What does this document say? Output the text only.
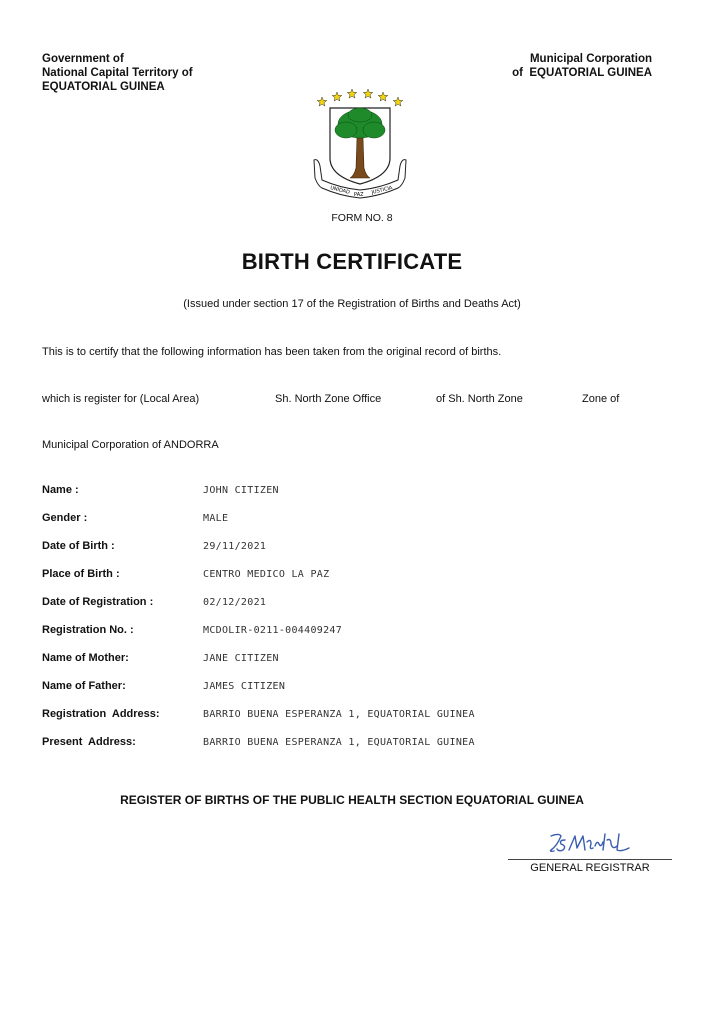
Government of
National Capital Territory of
EQUATORIAL GUINEA
Municipal Corporation
of  EQUATORIAL GUINEA
UNIDAD PAZ JUSTICIA
FORM NO. 8
BIRTH CERTIFICATE
(Issued under section 17 of the Registration of Births and Deaths Act)
This is to certify that the following information has been taken from the original record of births.
which is register for (Local Area)	Sh. North Zone Office	of Sh. North Zone	Zone of
Municipal Corporation of ANDORRA
Name :	JOHN CITIZEN
Gender :	MALE
Date of Birth :	29/11/2021
Place of Birth :	CENTRO MEDICO LA PAZ
Date of Registration :	02/12/2021
Registration No. :	MCDOLIR-0211-004409247
Name of Mother:	JANE CITIZEN
Name of Father:	JAMES CITIZEN
Registration  Address:	BARRIO BUENA ESPERANZA 1, EQUATORIAL GUINEA
Present  Address:	BARRIO BUENA ESPERANZA 1, EQUATORIAL GUINEA
REGISTER OF BIRTHS OF THE PUBLIC HEALTH SECTION EQUATORIAL GUINEA
GENERAL REGISTRAR
